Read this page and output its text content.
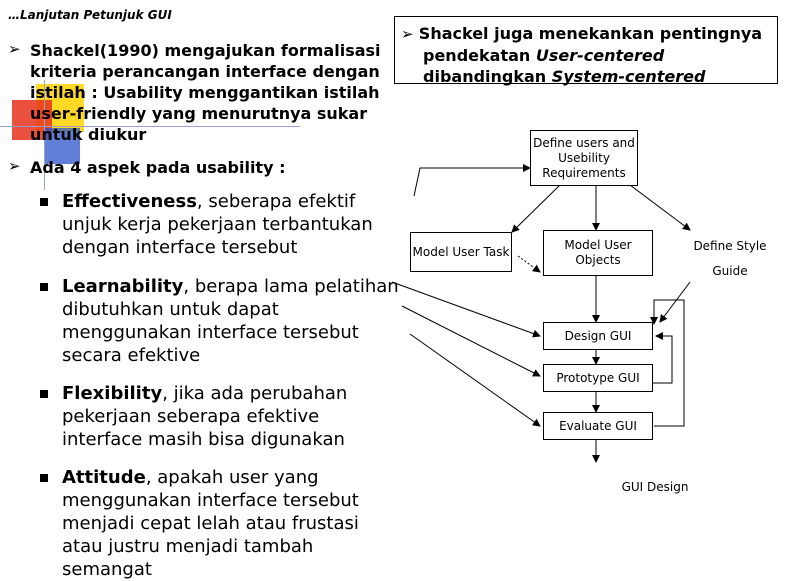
…Lanjutan Petunjuk GUI
➢ Shackel(1990) mengajukan formalisasi kriteria perancangan interface dengan istilah : Usability menggantikan istilah user-friendly yang menurutnya sukar untuk diukur
➢ Ada 4 aspek pada usability :
Effectiveness, seberapa efektif unjuk kerja pekerjaan terbantukan dengan interface tersebut
Learnability, berapa lama pelatihan dibutuhkan untuk dapat menggunakan interface tersebut secara efektive
Flexibility, jika ada perubahan pekerjaan seberapa efektive interface masih bisa digunakan
Attitude, apakah user yang menggunakan interface tersebut menjadi cepat lelah atau frustasi atau justru menjadi tambah semangat
➢ Shackel juga menekankan pentingnya
pendekatan User-centered
dibandingkan System-centered
Define users and Usebility Requirements
Model User Task	Model User Objects
Define Style
Guide
Design GUI
Prototype GUI
Evaluate GUI
GUI Design
